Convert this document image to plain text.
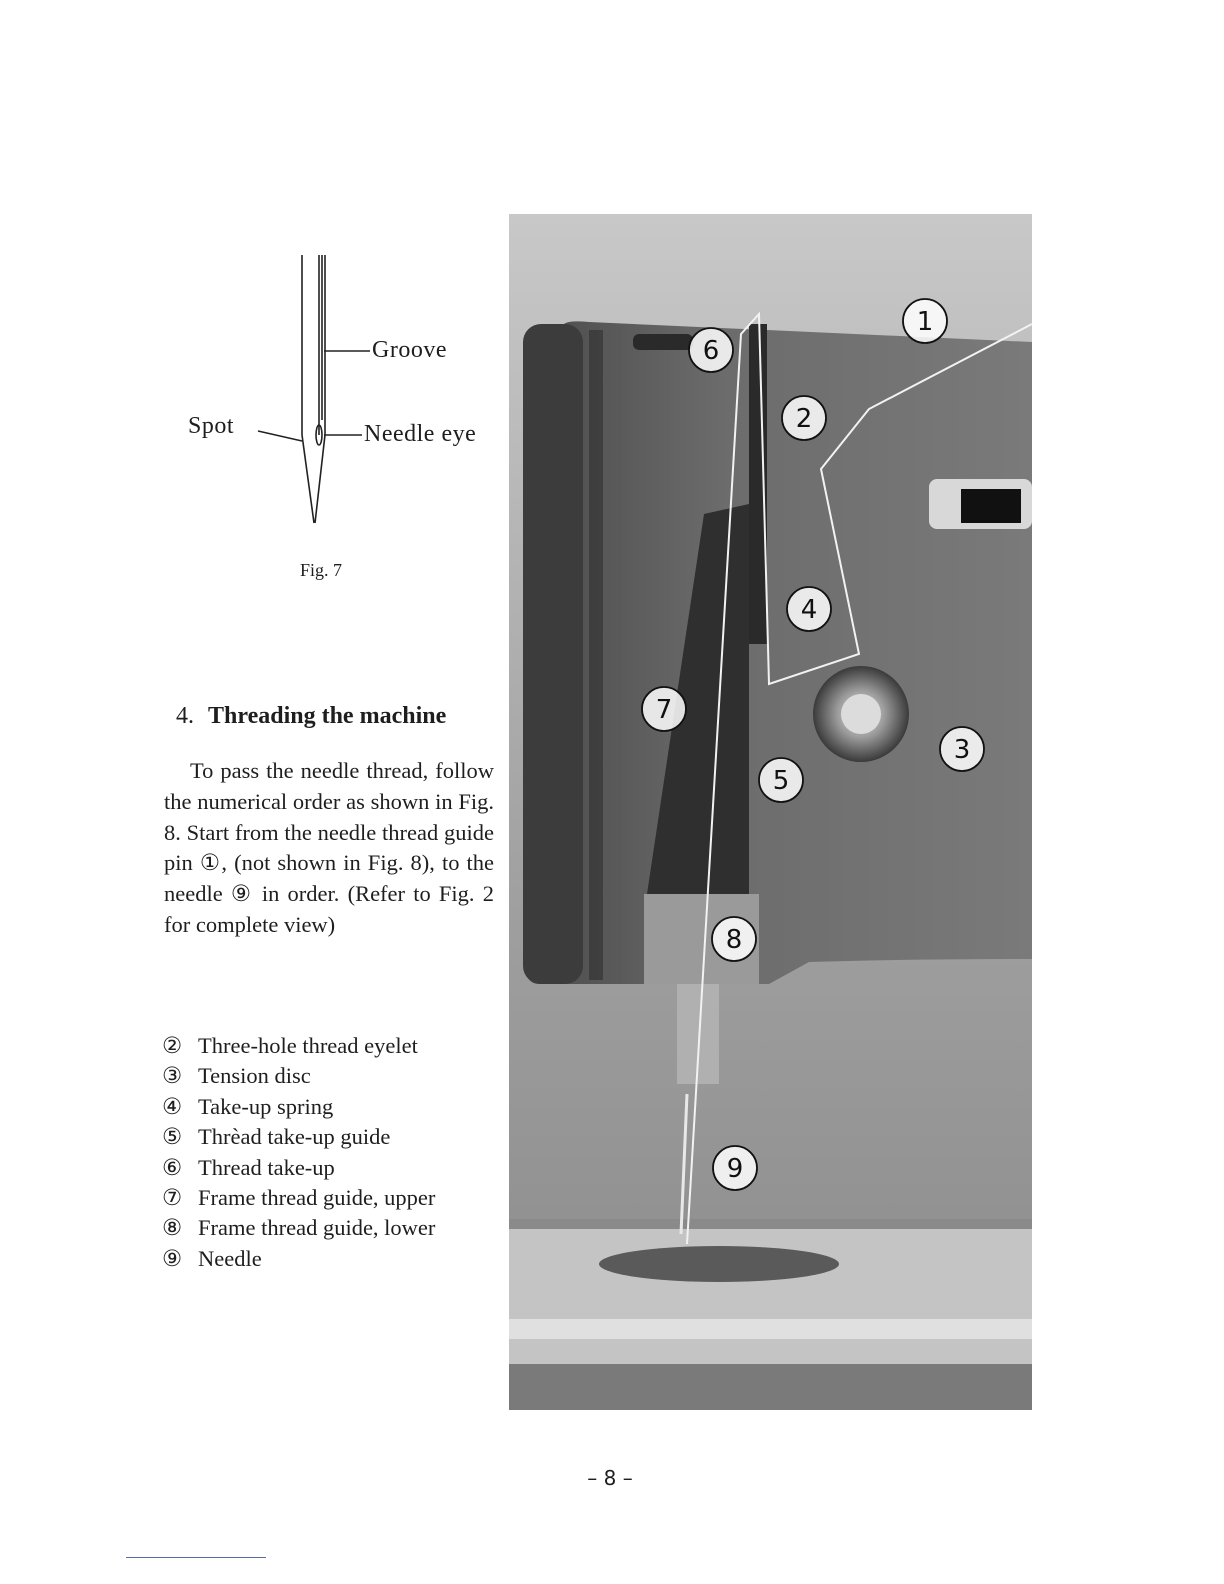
Groove
Needle eye
Spot
Fig. 7
4. Threading the machine

To pass the needle thread, follow the numerical order as shown in Fig. 8. Start from the needle thread guide pin ①, (not shown in Fig. 8), to the needle ⑨ in order. (Refer to Fig. 2 for complete view)

② Three-hole thread eyelet
③ Tension disc
④ Take-up spring
⑤ Thrèad take-up guide
⑥ Thread take-up
⑦ Frame thread guide, upper
⑧ Frame thread guide, lower
⑨ Needle
1
2
3
4
5
6
7
8
9
– 8 –
